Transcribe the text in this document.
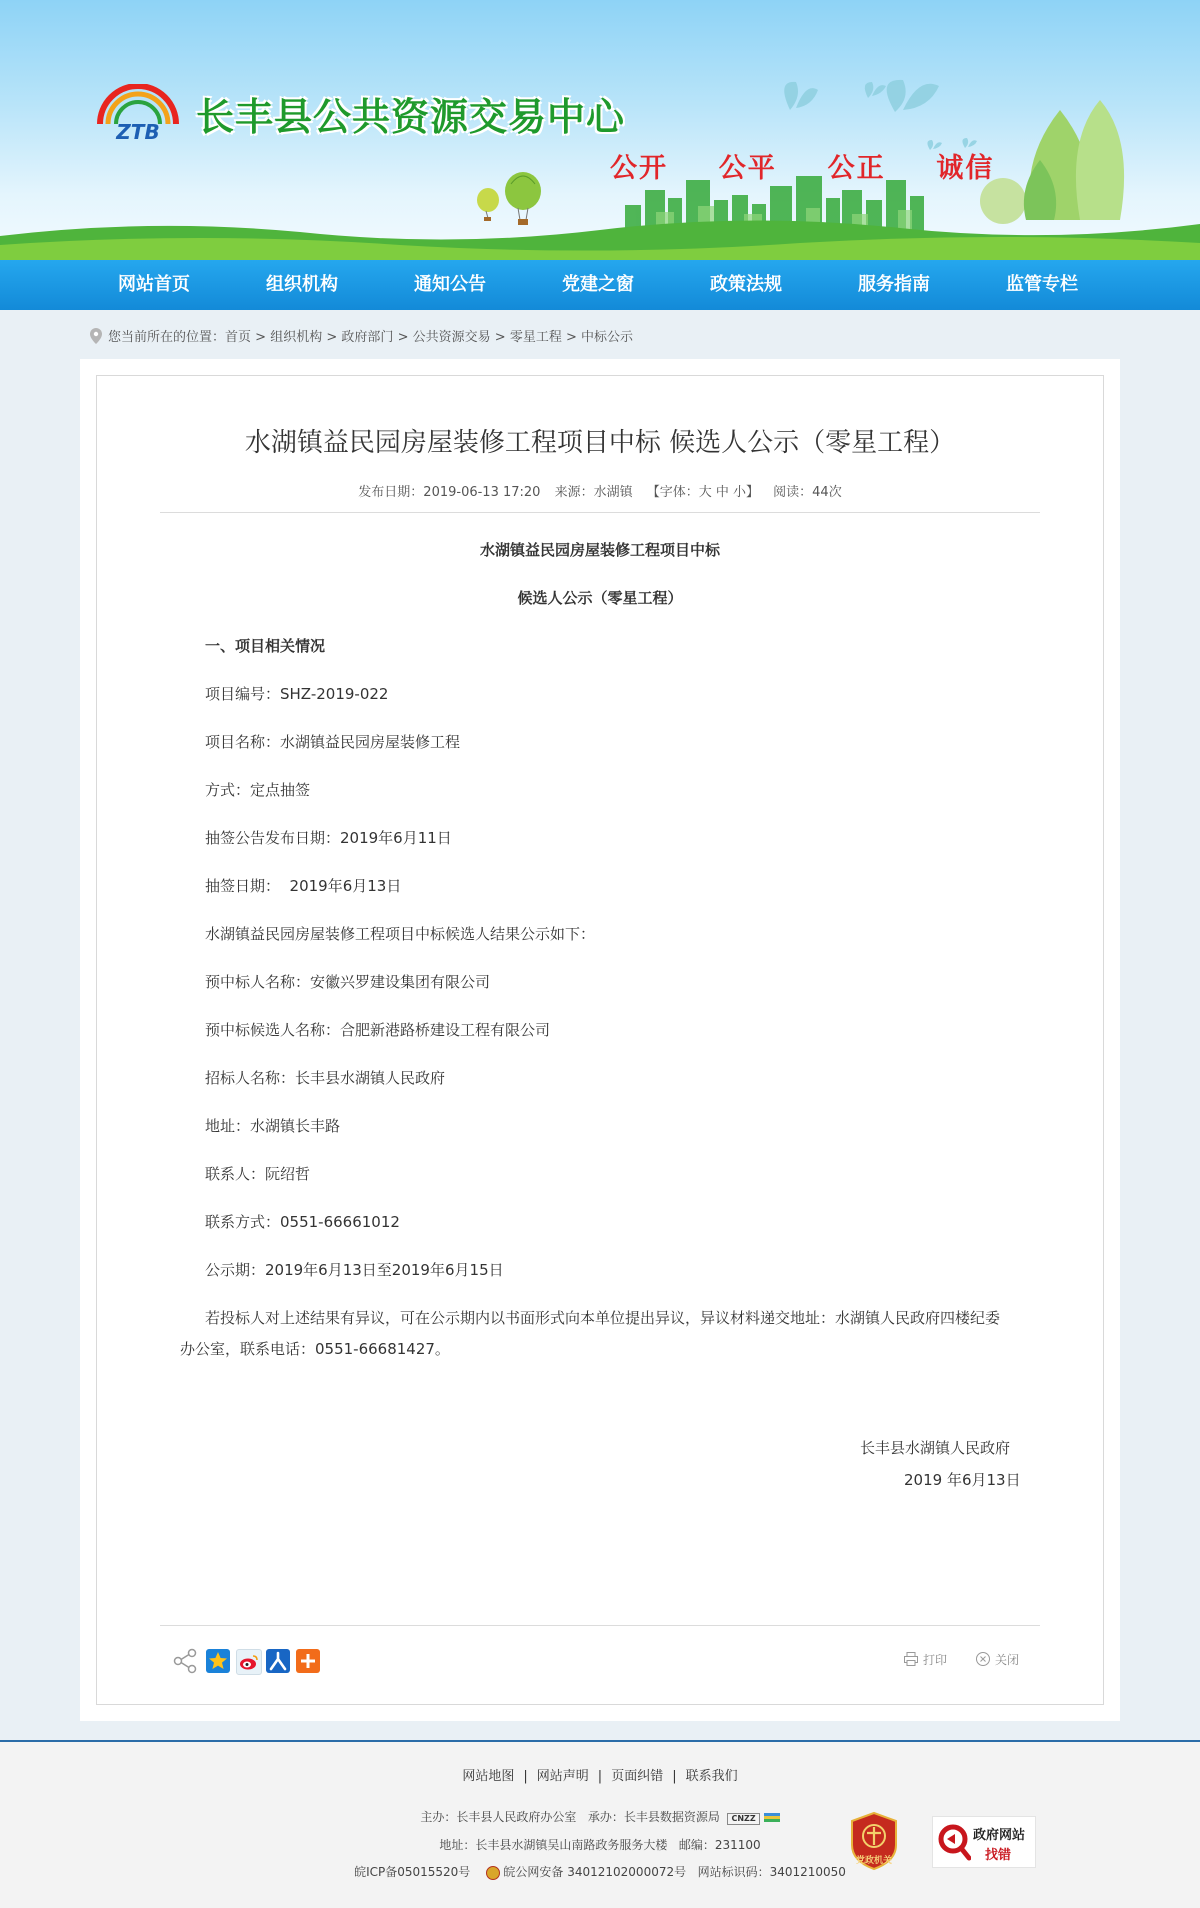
ZTB 长丰县公共资源交易中心
公开  公平  公正  诚信
网站首页	组织机构	通知公告	党建之窗	政策法规	服务指南	监管专栏
您当前所在的位置：首页 > 组织机构 > 政府部门 > 公共资源交易 > 零星工程 > 中标公示
水湖镇益民园房屋装修工程项目中标 候选人公示（零星工程）
发布日期：2019-06-13 17:20 来源：水湖镇 【字体：大 中 小】 阅读：44次
水湖镇益民园房屋装修工程项目中标
候选人公示（零星工程）
一、项目相关情况
项目编号：SHZ-2019-022
项目名称：水湖镇益民园房屋装修工程
方式：定点抽签
抽签公告发布日期：2019年6月11日
抽签日期：  2019年6月13日
水湖镇益民园房屋装修工程项目中标候选人结果公示如下：
预中标人名称：安徽兴罗建设集团有限公司
预中标候选人名称：合肥新港路桥建设工程有限公司
招标人名称：长丰县水湖镇人民政府
地址：水湖镇长丰路
联系人：阮绍哲
联系方式：0551-66661012
公示期：2019年6月13日至2019年6月15日
若投标人对上述结果有异议，可在公示期内以书面形式向本单位提出异议，异议材料递交地址：水湖镇人民政府四楼纪委办公室，联系电话：0551-66681427。
长丰县水湖镇人民政府
2019 年6月13日
打印	关闭
网站地图 | 网站声明 | 页面纠错 | 联系我们
主办：长丰县人民政府办公室 承办：长丰县数据资源局 CNZZ
地址：长丰县水湖镇吴山南路政务服务大楼 邮编：231100
皖ICP备05015520号	皖公网安备 34012102000072号 网站标识码：3401210050
党政机关
政府网站
找错
